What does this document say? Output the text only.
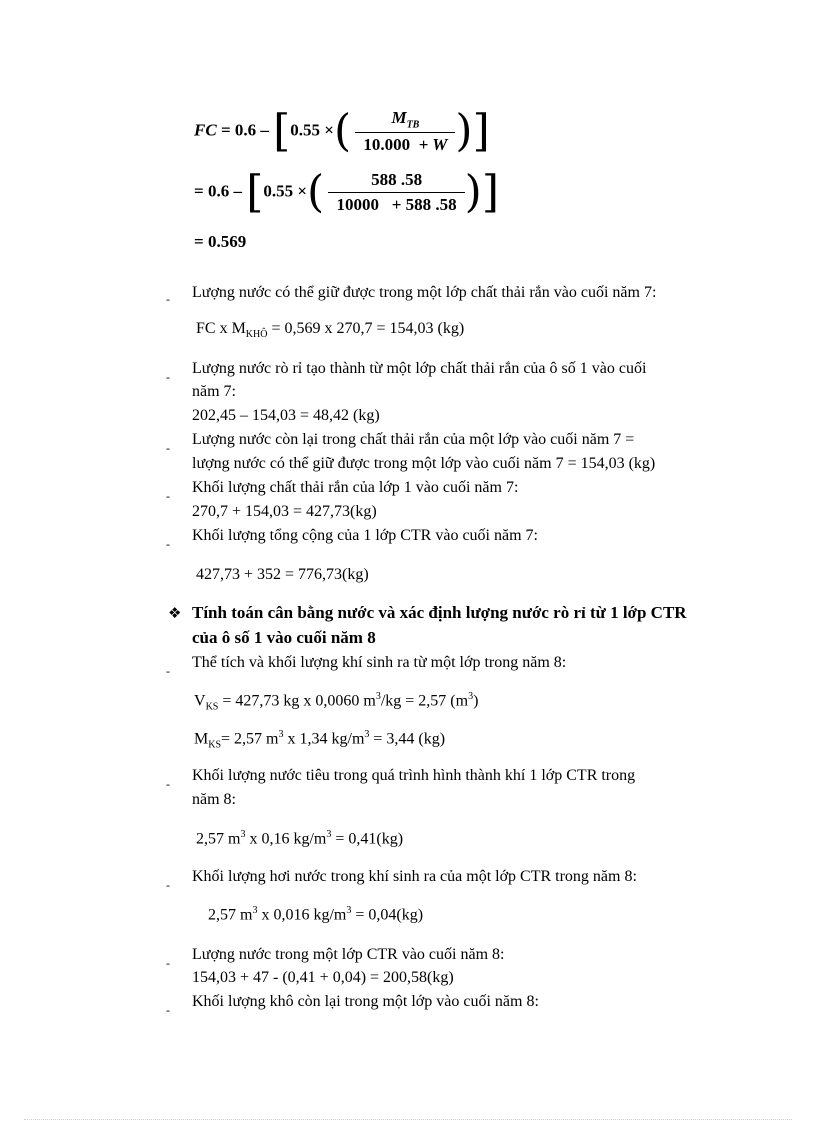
FC = 0.6 – [0.55 ×( $\frac{M_{TB}}{10.000 + W}$ )]
= 0.6 – [0.55 ×( $\frac{588 .58}{10000 + 588 .58}$ )]
= 0.569
- Lượng nước có thể giữ được trong một lớp chất thải rắn vào cuối năm 7:
FC x $M_{KHÔ} = 0,569$ x 270,7 = 154,03 (kg)
- Lượng nước rò rỉ tạo thành từ một lớp chất thải rắn của ô số 1 vào cuối
năm 7:
202,45 – 154,03 = 48,42 (kg)
- Lượng nước còn lại trong chất thải rắn của một lớp vào cuối năm 7 =
lượng nước có thể giữ được trong một lớp vào cuối năm 7 = 154,03 (kg)
- Khối lượng chất thải rắn của lớp 1 vào cuối năm 7:
270,7 + 154,03 = 427,73(kg)
- Khối lượng tổng cộng của 1 lớp CTR vào cuối năm 7:
427,73 + 352 = 776,73(kg)
❖ Tính toán cân bằng nước và xác định lượng nước rò rỉ từ 1 lớp CTR
của ô số 1 vào cuối năm 8
- Thể tích và khối lượng khí sinh ra từ một lớp trong năm 8:
$V_{KS} = 427,73$ kg x 0,0060 $m^3/kg = 2,57$ $(m^3)$
$M_{KS}= 2,57$ $m^3$ x 1,34 $kg/m^3 = 3,44$ (kg)
- Khối lượng nước tiêu trong quá trình hình thành khí 1 lớp CTR trong
năm 8:
2,57 $m^3$ x 0,16 $kg/m^3 = 0,41(kg)$
- Khối lượng hơi nước trong khí sinh ra của một lớp CTR trong năm 8:
2,57 $m^3$ x 0,016 $kg/m^3 = 0,04(kg)$
- Lượng nước trong một lớp CTR vào cuối năm 8:
154,03 + 47 - (0,41 + 0,04) = 200,58(kg)
- Khối lượng khô còn lại trong một lớp vào cuối năm 8:
